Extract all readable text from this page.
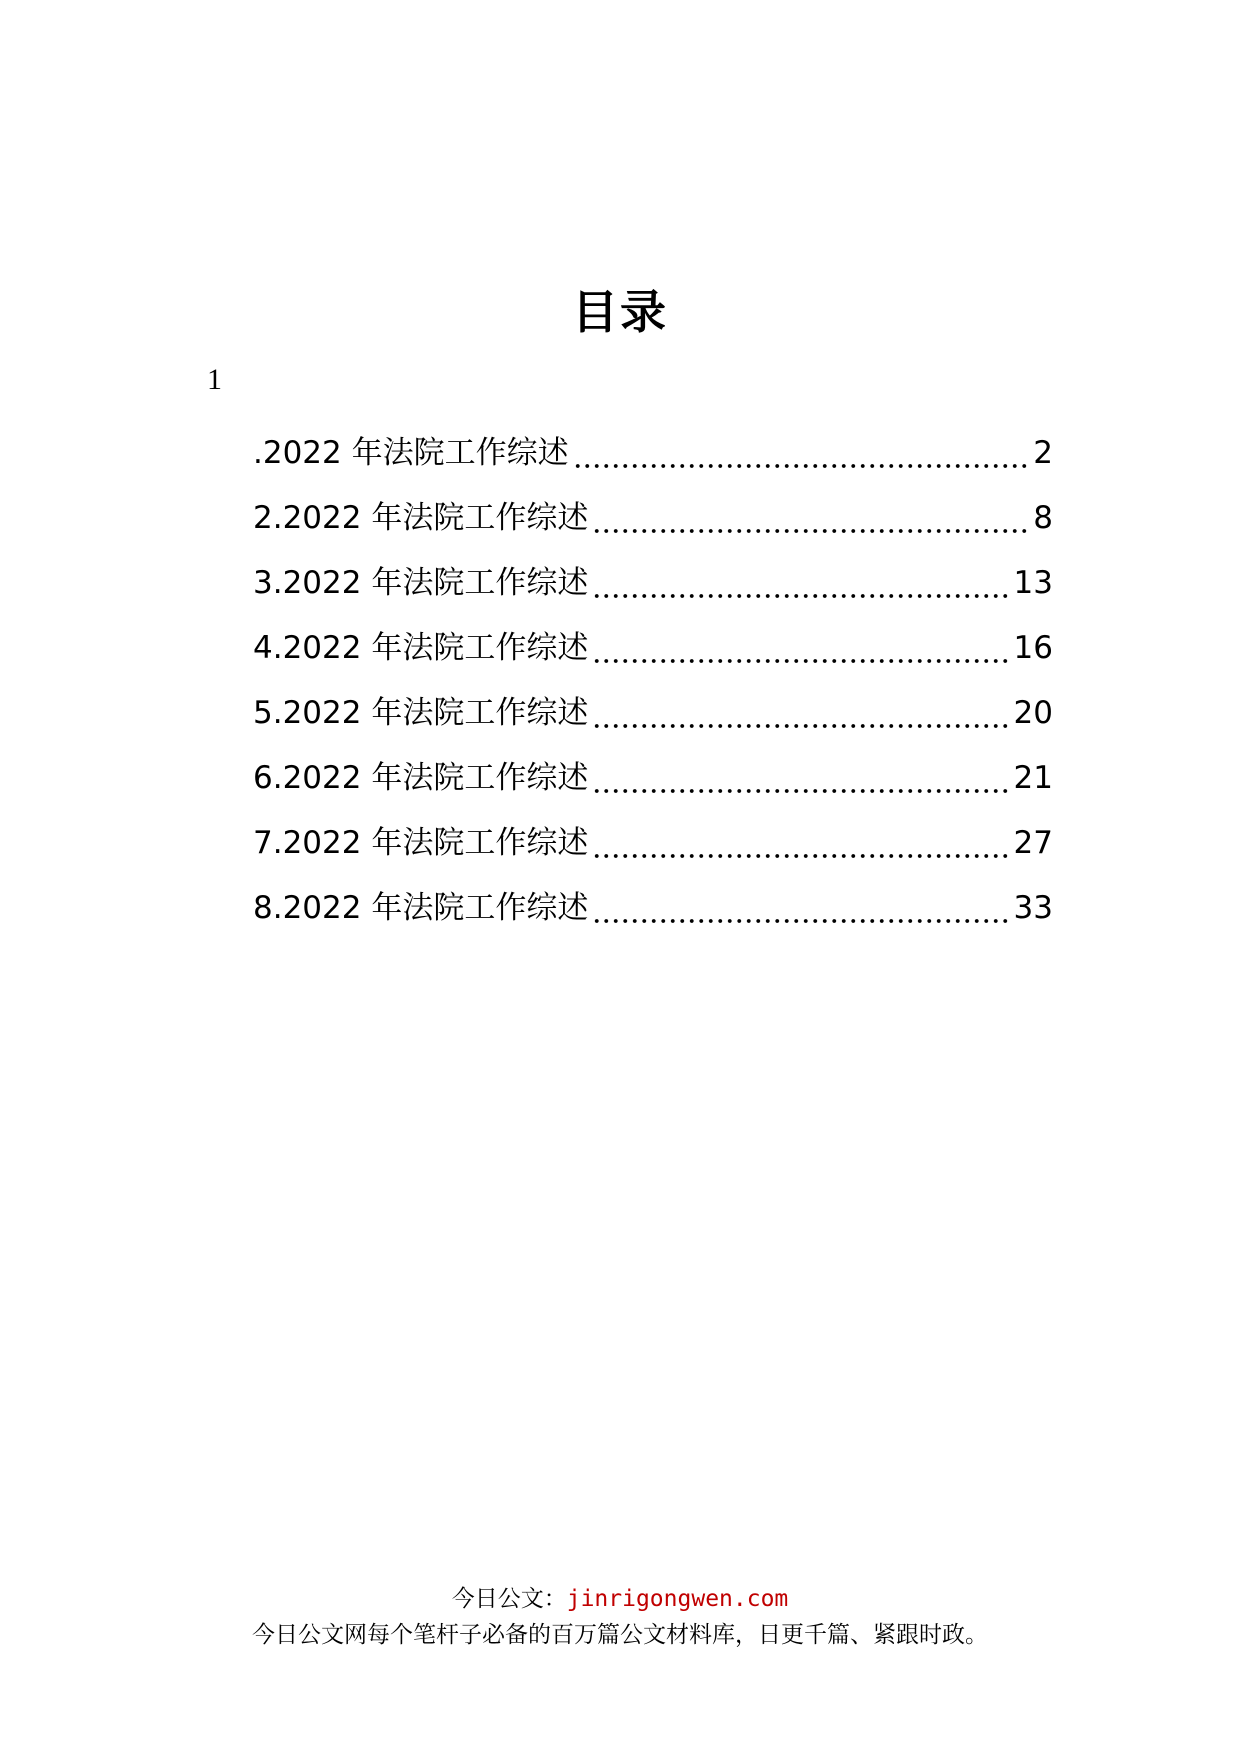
目录
1
.2022 年法院工作综述	2
2.2022 年法院工作综述	8
3.2022 年法院工作综述	13
4.2022 年法院工作综述	16
5.2022 年法院工作综述	20
6.2022 年法院工作综述	21
7.2022 年法院工作综述	27
8.2022 年法院工作综述	33
今日公文：jinrigongwen.com
今日公文网每个笔杆子必备的百万篇公文材料库，日更千篇、紧跟时政。
